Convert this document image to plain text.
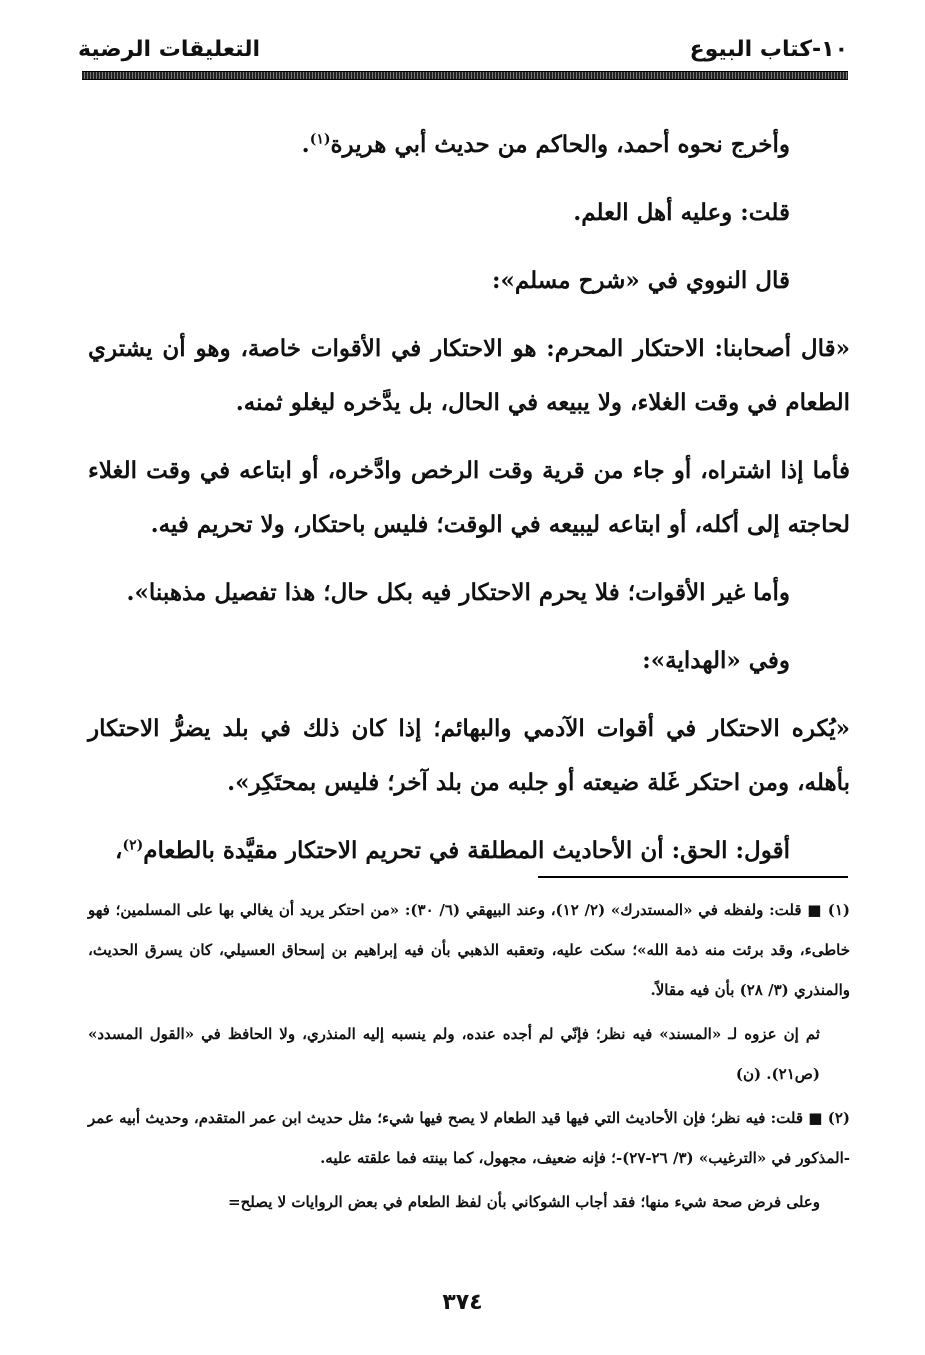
١٠-كتاب البيوع
التعليقات الرضية

وأخرج نحوه أحمد، والحاكم من حديث أبي هريرة$^{(١)}$.

قلت: وعليه أهل العلم.

قال النووي في «شرح مسلم»:

«قال أصحابنا: الاحتكار المحرم: هو الاحتكار في الأقوات خاصة، وهو أن يشتري الطعام في وقت الغلاء، ولا يبيعه في الحال، بل يدَّخره ليغلو ثمنه.

فأما إذا اشتراه، أو جاء من قرية وقت الرخص وادَّخره، أو ابتاعه في وقت الغلاء لحاجته إلى أكله، أو ابتاعه ليبيعه في الوقت؛ فليس باحتكار، ولا تحريم فيه.

وأما غير الأقوات؛ فلا يحرم الاحتكار فيه بكل حال؛ هذا تفصيل مذهبنا».

وفي «الهداية»:

«يُكره الاحتكار في أقوات الآدمي والبهائم؛ إذا كان ذلك في بلد يضرُّ الاحتكار بأهله، ومن احتكر غَلة ضيعته أو جلبه من بلد آخر؛ فليس بمحتَكِر».

أقول: الحق: أن الأحاديث المطلقة في تحريم الاحتكار مقيَّدة بالطعام$^{(٢)}$،

(١) ■ قلت: ولفظه في «المستدرك» (٢/ ١٢)، وعند البيهقي (٦/ ٣٠): «من احتكر يريد أن يغالي بها على المسلمين؛ فهو خاطىء، وقد برئت منه ذمة الله»؛ سكت عليه، وتعقبه الذهبي بأن فيه إبراهيم بن إسحاق العسيلي، كان يسرق الحديث، والمنذري (٣/ ٢٨) بأن فيه مقالاً.

ثم إن عزوه لـ «المسند» فيه نظر؛ فإنّي لم أجده عنده، ولم ينسبه إليه المنذري، ولا الحافظ في «القول المسدد» (ص٢١). (ن)

(٢) ■ قلت: فيه نظر؛ فإن الأحاديث التي فيها قيد الطعام لا يصح فيها شيء؛ مثل حديث ابن عمر المتقدم، وحديث أبيه عمر -المذكور في «الترغيب» (٣/ ٢٦-٢٧)-؛ فإنه ضعيف، مجهول، كما بينته فما علقته عليه.

وعلى فرض صحة شيء منها؛ فقد أجاب الشوكاني بأن لفظ الطعام في بعض الروايات لا يصلح=

٣٧٤
